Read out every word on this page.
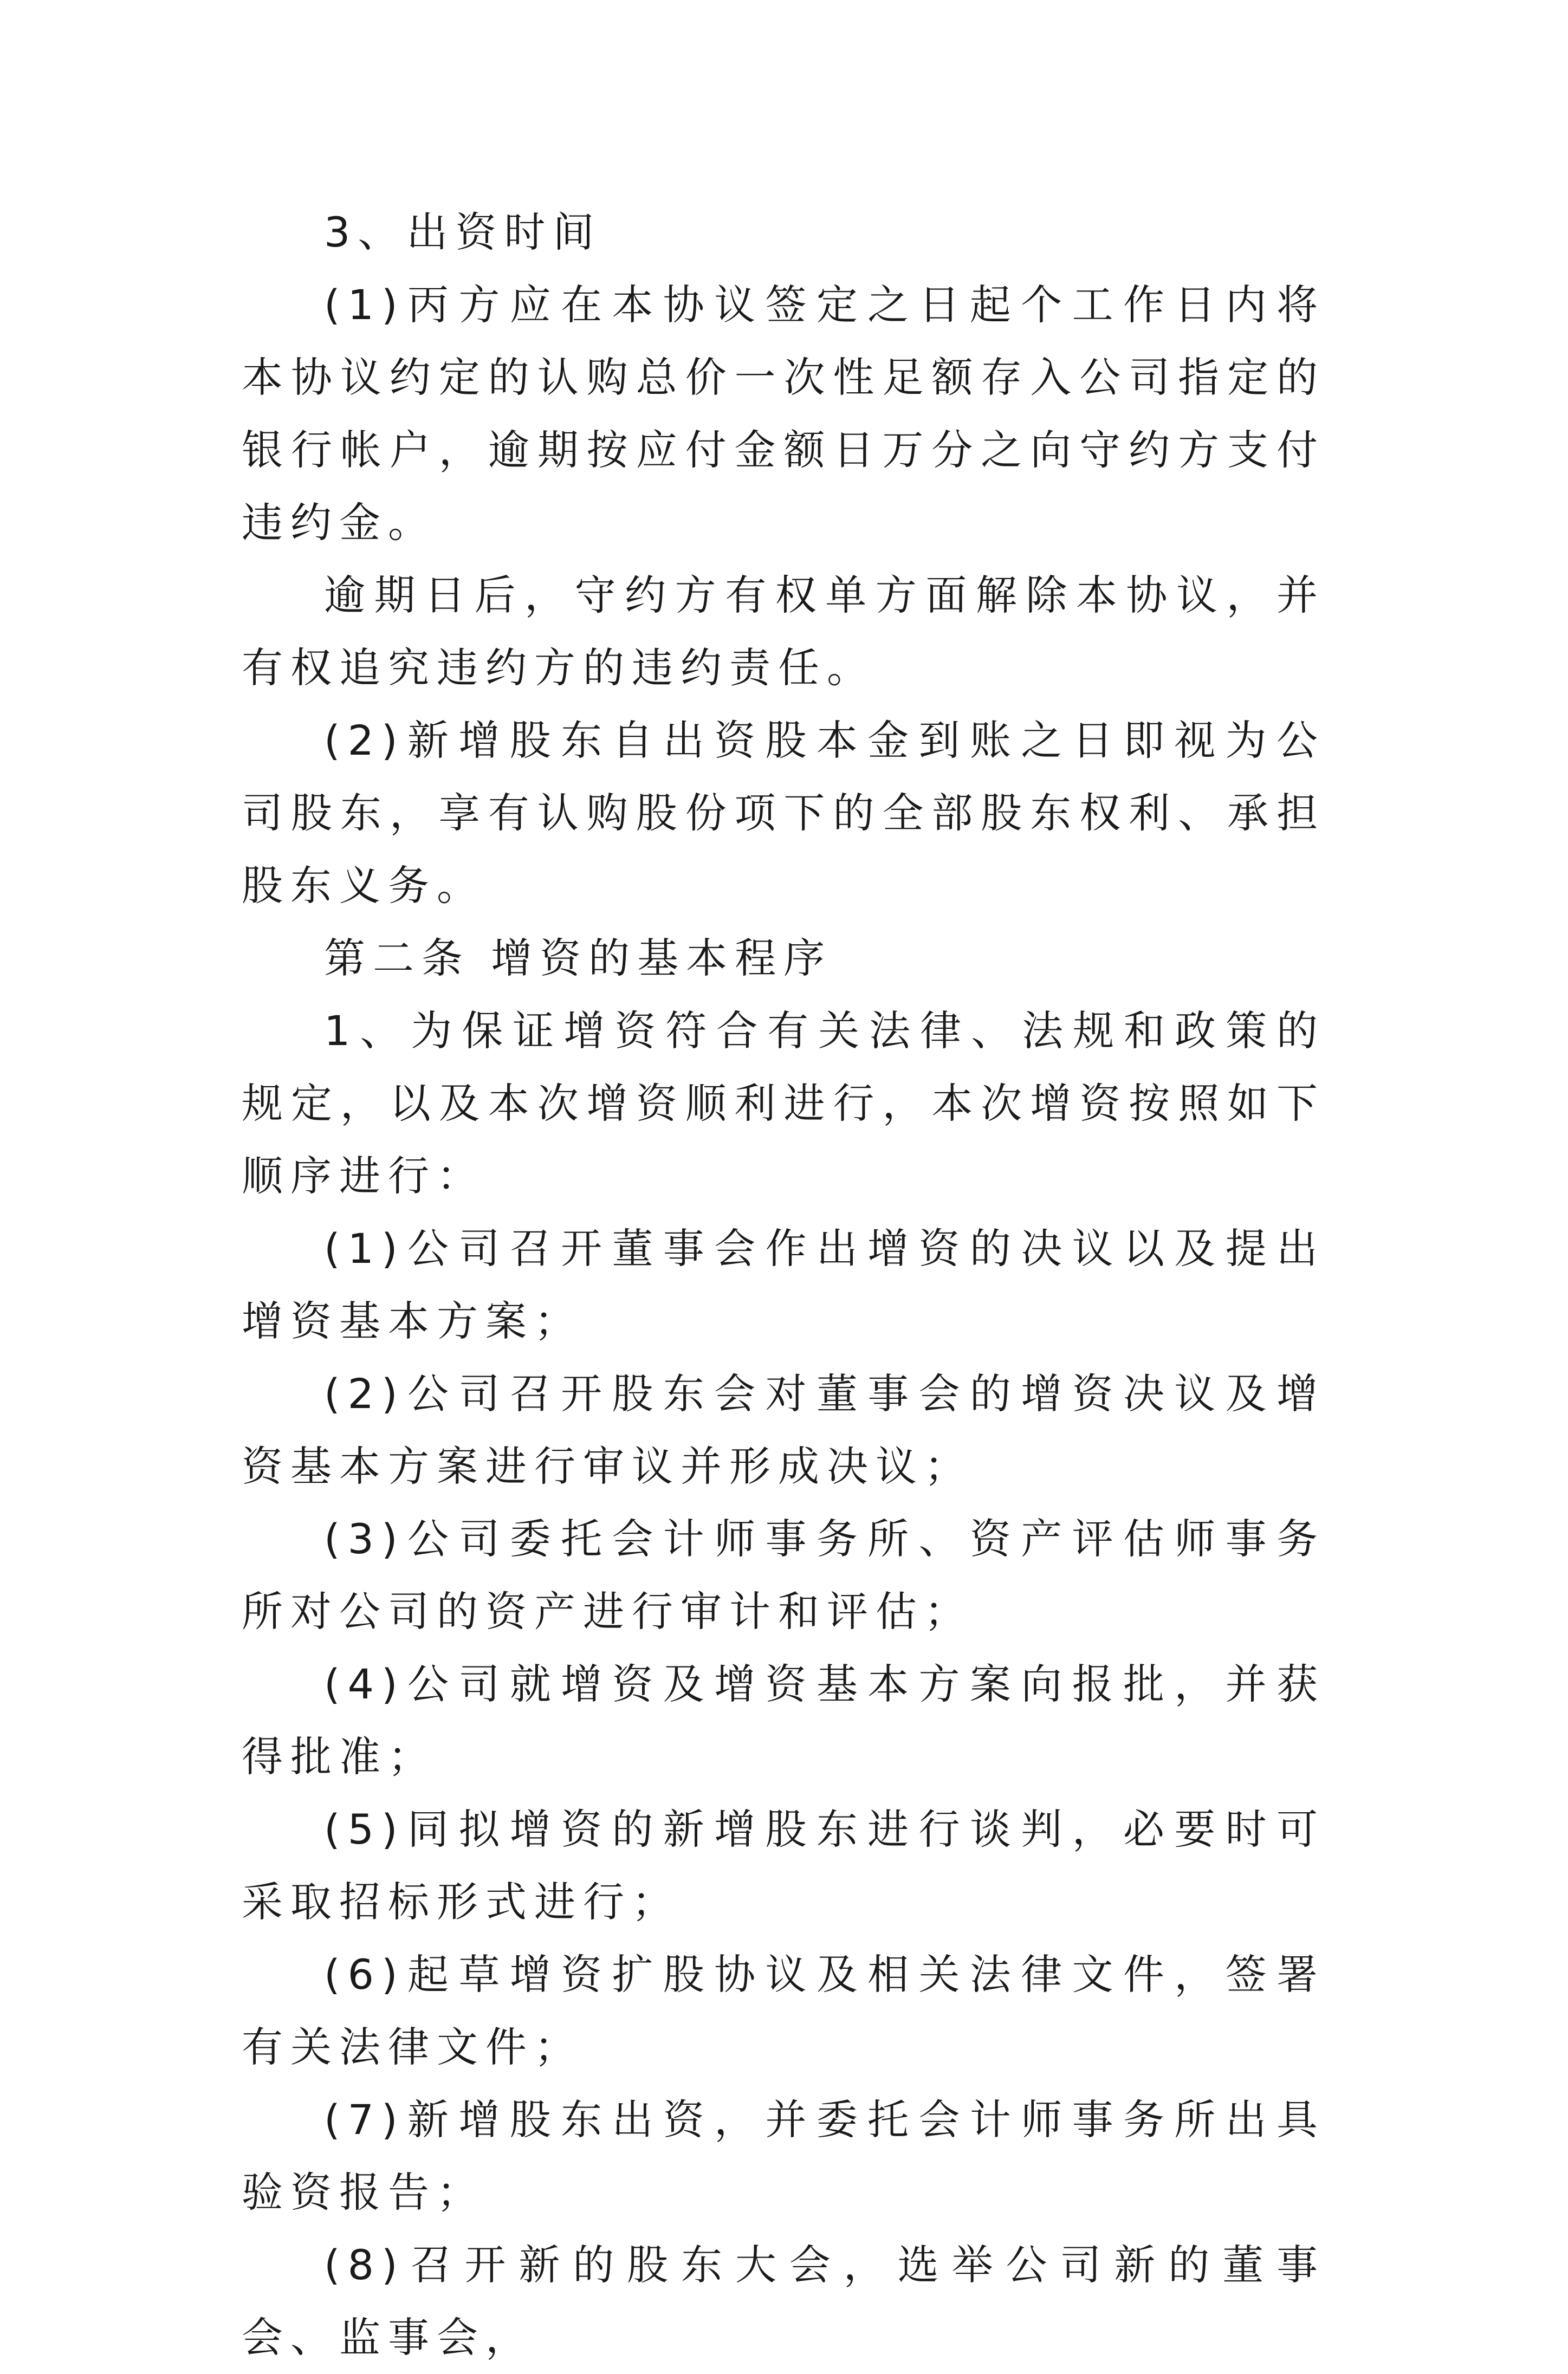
3、出资时间

(1)丙方应在本协议签定之日起个工作日内将本协议约定的认购总价一次性足额存入公司指定的银行帐户，逾期按应付金额日万分之向守约方支付违约金。

逾期日后，守约方有权单方面解除本协议，并有权追究违约方的违约责任。

(2)新增股东自出资股本金到账之日即视为公司股东，享有认购股份项下的全部股东权利、承担股东义务。

第二条 增资的基本程序

1、为保证增资符合有关法律、法规和政策的规定，以及本次增资顺利进行，本次增资按照如下顺序进行：

(1)公司召开董事会作出增资的决议以及提出增资基本方案；

(2)公司召开股东会对董事会的增资决议及增资基本方案进行审议并形成决议；

(3)公司委托会计师事务所、资产评估师事务所对公司的资产进行审计和评估；

(4)公司就增资及增资基本方案向报批，并获得批准；

(5)同拟增资的新增股东进行谈判，必要时可采取招标形式进行；

(6)起草增资扩股协议及相关法律文件，签署有关法律文件；

(7)新增股东出资，并委托会计师事务所出具验资报告；

(8)召开新的股东大会，选举公司新的董事会、监事会，
